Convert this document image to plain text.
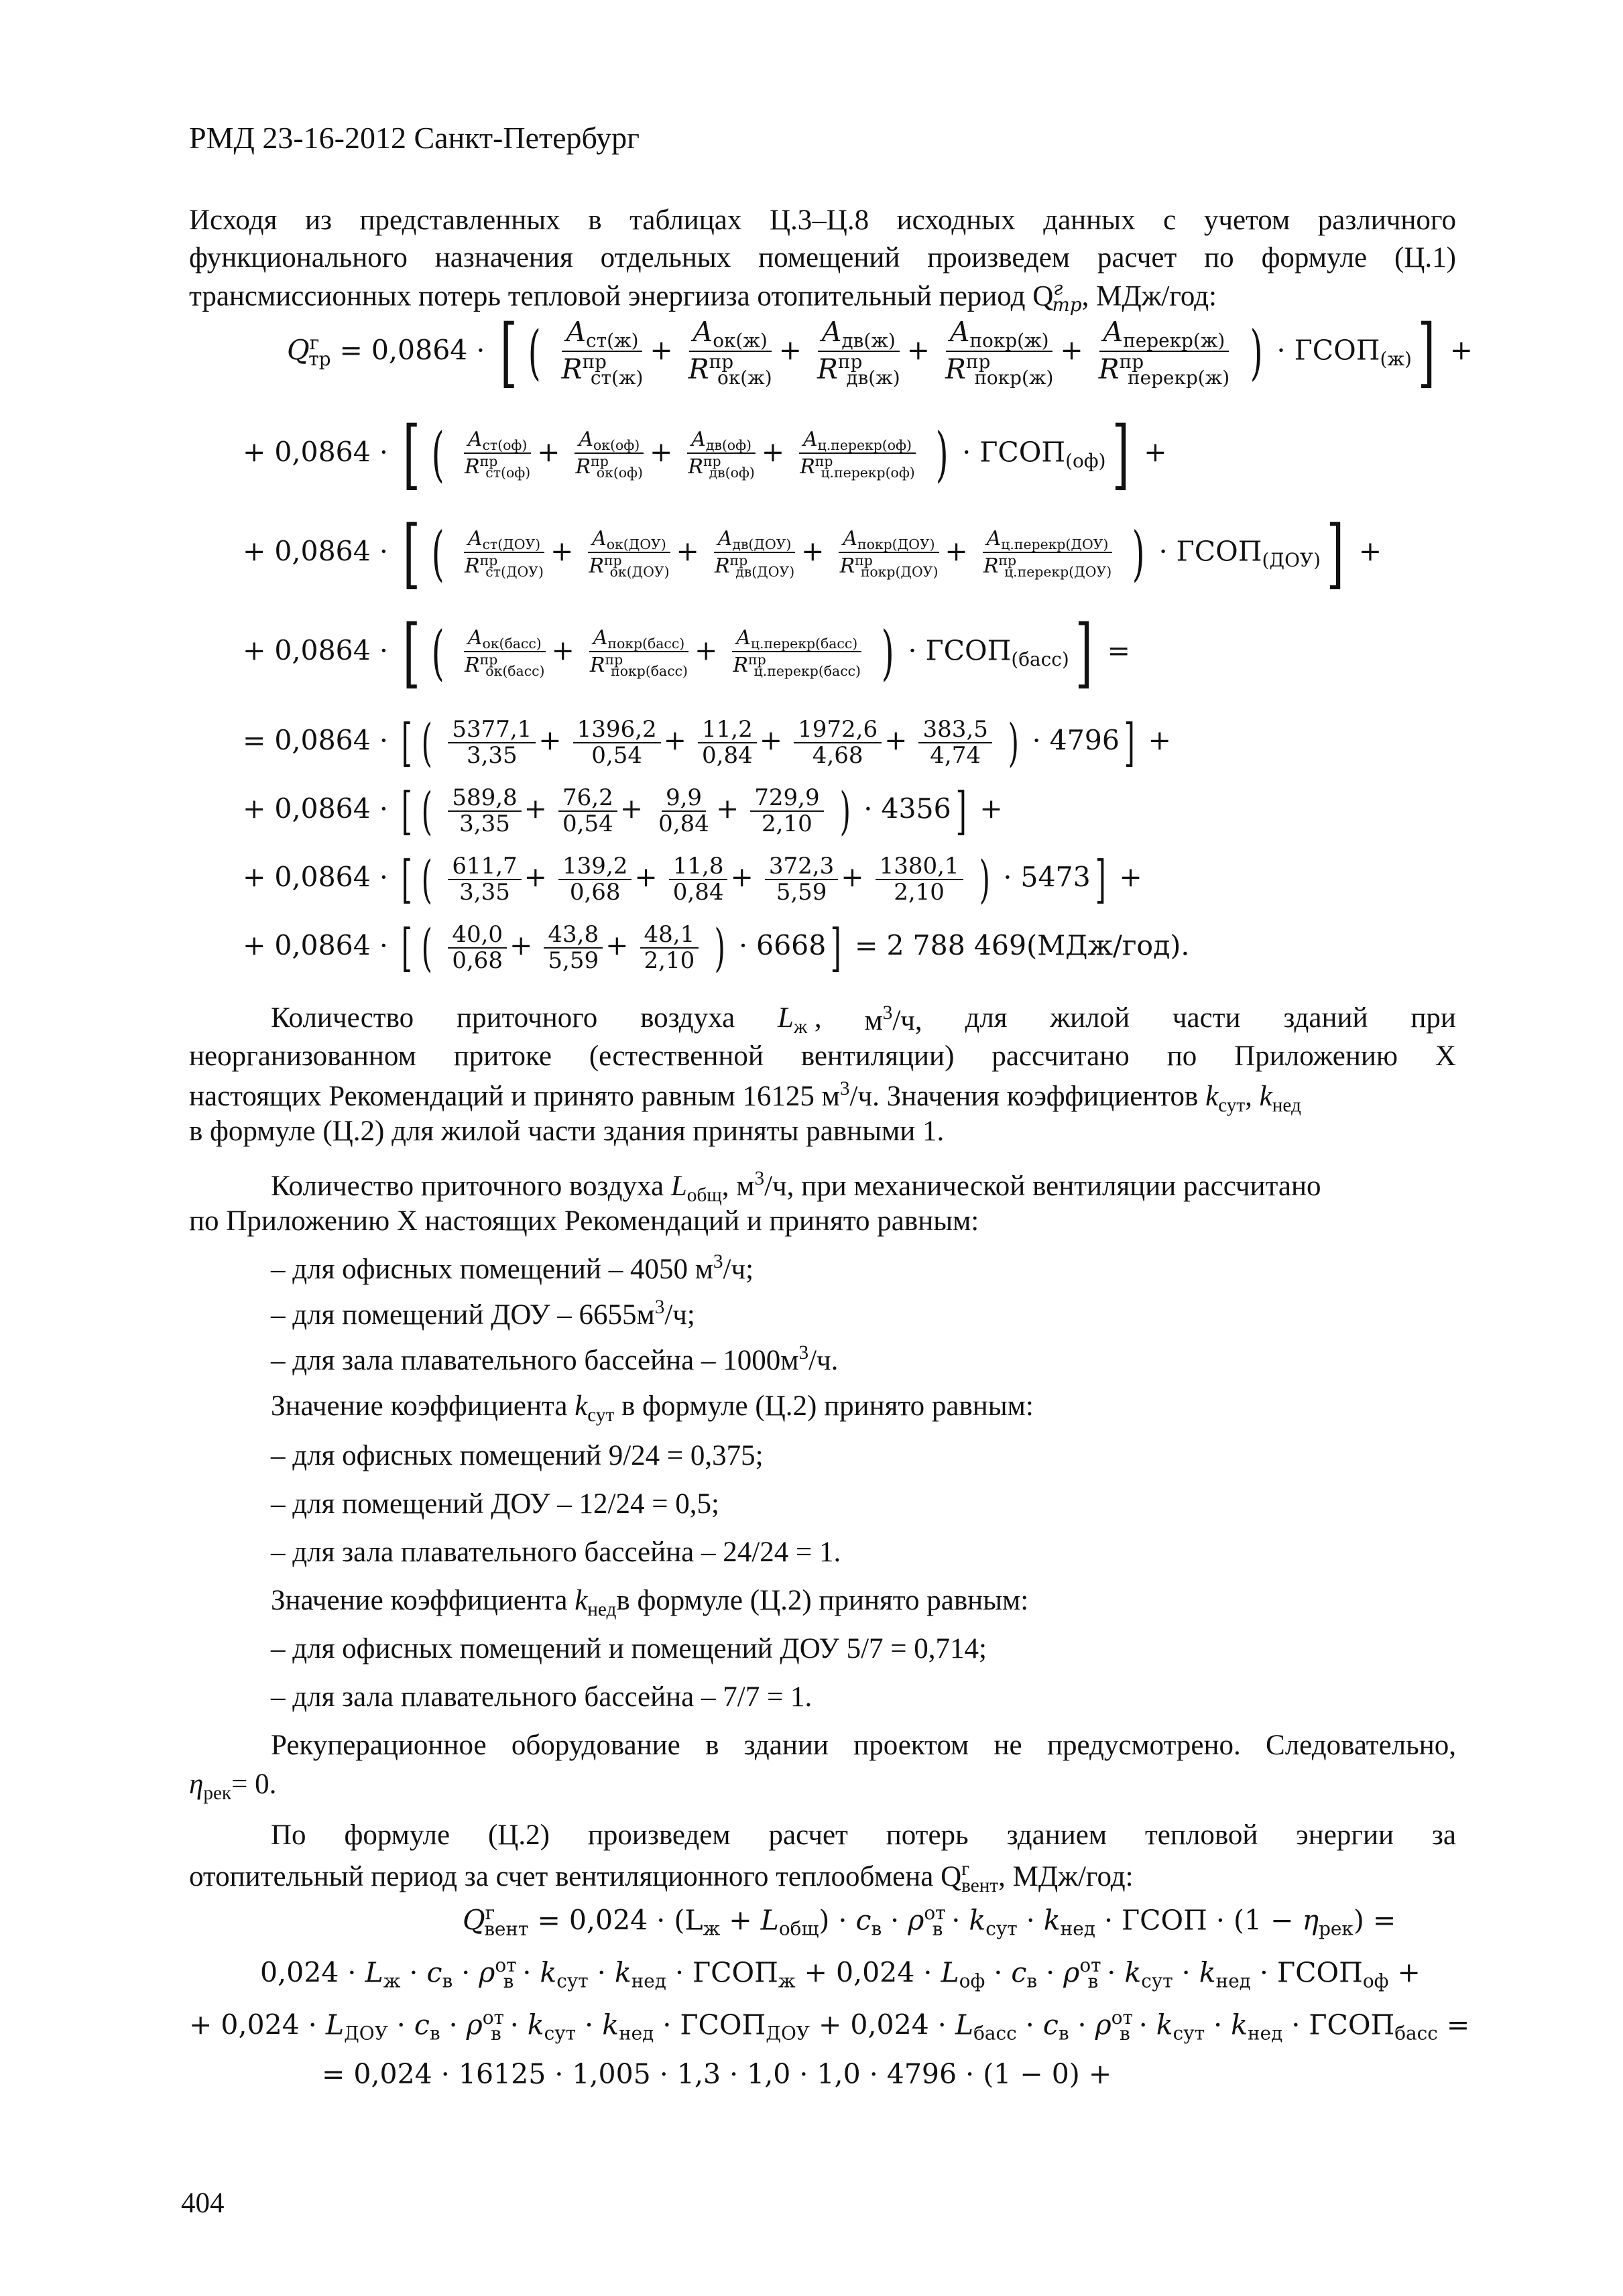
РМД 23-16-2012 Санкт-Петербург
Исходя из представленных в таблицах Ц.3–Ц.8 исходных данных с учетом различного
функционального назначения отдельных помещений произведем расчет по формуле (Ц.1)
трансмиссионных потерь тепловой энергииза отопительный период $Q^г_{тр}$, МДж/год:
$Q^г_{тр} = 0,0864$ · [ ( $\frac{A_{ст(ж)}}{R^{пр}_{ст(ж)}} + \frac{A_{ок(ж)}}{R^{пр}_{ок(ж)}} + \frac{A_{дв(ж)}}{R^{пр}_{дв(ж)}} + \frac{A_{покр(ж)}}{R^{пр}_{покр(ж)}} + \frac{A_{перекр(ж)}}{R^{пр}_{перекр(ж)}}$ ) · $ГСОП_{(ж)}$] +
+ 0,0864 · [ ( $\frac{A_{ст(оф)}}{R^{пр}_{ст(оф)}} + \frac{A_{ок(оф)}}{R^{пр}_{ок(оф)}} + \frac{A_{дв(оф)}}{R^{пр}_{дв(оф)}} + \frac{A_{ц.перекр(оф)}}{R^{пр}_{ц.перекр(оф)}}$ ) · $ГСОП_{(оф)}$] +
+ 0,0864 · [ ( $\frac{A_{ст(ДОУ)}}{R^{пр}_{ст(ДОУ)}} + \frac{A_{ок(ДОУ)}}{R^{пр}_{ок(ДОУ)}} + \frac{A_{дв(ДОУ)}}{R^{пр}_{дв(ДОУ)}} + \frac{A_{покр(ДОУ)}}{R^{пр}_{покр(ДОУ)}} + \frac{A_{ц.перекр(ДОУ)}}{R^{пр}_{ц.перекр(ДОУ)}}$ ) · $ГСОП_{(ДОУ)}$] +
+ 0,0864 · [ ( $\frac{A_{ок(басс)}}{R^{пр}_{ок(басс)}} + \frac{A_{покр(басс)}}{R^{пр}_{покр(басс)}} + \frac{A_{ц.перекр(басс)}}{R^{пр}_{ц.перекр(басс)}}$ ) · $ГСОП_{(басс)}$] =
= 0,0864 · [ ( $\frac{5377,1}{3,35} + \frac{1396,2}{0,54} + \frac{11,2}{0,84} + \frac{1972,6}{4,68} + \frac{383,5}{4,74}$ ) · 4796] +
+ 0,0864 · [ ( $\frac{589,8}{3,35} + \frac{76,2}{0,54} + \frac{9,9}{0,84} + \frac{729,9}{2,10}$ ) · 4356] +
+ 0,0864 · [ ( $\frac{611,7}{3,35} + \frac{139,2}{0,68} + \frac{11,8}{0,84} + \frac{372,3}{5,59} + \frac{1380,1}{2,10}$ ) · 5473] +
+ 0,0864 · [ ( $\frac{40,0}{0,68} + \frac{43,8}{5,59} + \frac{48,1}{2,10}$ ) · 6668] = 2 788 469(МДж/год).
Количество приточного воздуха $L_ж$ , $м^3/ч$, для жилой части зданий при
неорганизованном притоке (естественной вентиляции) рассчитано по Приложению Х
настоящих Рекомендаций и принято равным 16125 $м^3/ч$. Значения коэффициентов $k_{сут}$, $k_{нед}$
в формуле (Ц.2) для жилой части здания приняты равными 1.
Количество приточного воздуха $L_{общ}$, $м^3/ч$, при механической вентиляции рассчитано
по Приложению Х настоящих Рекомендаций и принято равным:
– для офисных помещений – 4050 $м^3/ч$;
– для помещений ДОУ – $6655м^3/ч$;
– для зала плавательного бассейна – $1000м^3/ч$.
Значение коэффициента $k_{сут}$ в формуле (Ц.2) принято равным:
– для офисных помещений 9/24 = 0,375;
– для помещений ДОУ – 12/24 = 0,5;
– для зала плавательного бассейна – 24/24 = 1.
Значение коэффициента $k_{нед}в$ формуле (Ц.2) принято равным:
– для офисных помещений и помещений ДОУ 5/7 = 0,714;
– для зала плавательного бассейна – 7/7 = 1.
Рекуперационное оборудование в здании проектом не предусмотрено. Следовательно,
$\eta_{рек}= 0$.
По формуле (Ц.2) произведем расчет потерь зданием тепловой энергии за
отопительный период за счет вентиляционного теплообмена $Q^г_{вент}$, МДж/год:
$Q^г_{вент} = 0,024 \cdot (L_ж + L_{общ}) \cdot c_в \cdot \rho^{от}_в \cdot k_{сут} \cdot k_{нед}$ · ГСОП · $(1 - \eta_{рек})$ =
$0,024 \cdot L_ж \cdot c_в \cdot \rho^{от}_в \cdot k_{сут} \cdot k_{нед}$ · $ГСОП_ж + 0,024 \cdot L_{оф} \cdot c_в \cdot \rho^{от}_в \cdot k_{сут} \cdot k_{нед}$ · $ГСОП_{оф}$ +
+ $0,024 \cdot L_{ДОУ} \cdot c_в \cdot \rho^{от}_в \cdot k_{сут} \cdot k_{нед}$ · $ГСОП_{ДОУ} + 0,024 \cdot L_{басс} \cdot c_в \cdot \rho^{от}_в \cdot k_{сут} \cdot k_{нед}$ · $ГСОП_{басс}$ =
= 0,024 · 16125 · 1,005 · 1,3 · 1,0 · 1,0 · 4796 · (1 − 0) +
404
